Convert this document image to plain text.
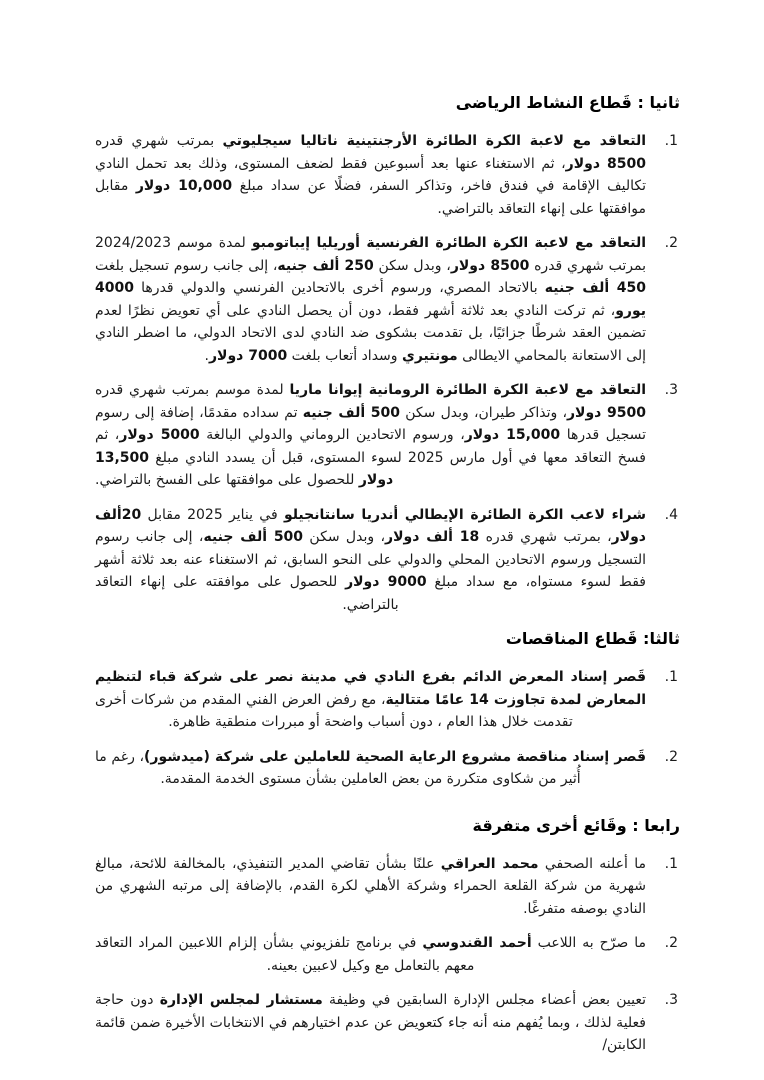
ثانيا : قَطاع النشاط الرياضى

1.
التعاقد مع لاعبة الكرة الطائرة الأرجنتينية ناتاليا سيجليوتي بمرتب شهري قدره 8500 دولار، ثم الاستغناء عنها بعد أسبوعين فقط لضعف المستوى، وذلك بعد تحمل النادي تكاليف الإقامة في فندق فاخر، وتذاكر السفر، فضلًا عن سداد مبلغ 10,000 دولار مقابل موافقتها على إنهاء التعاقد بالتراضي.

2.
التعاقد مع لاعبة الكرة الطائرة الفرنسية أوريليا إيباتومبو لمدة موسم 2024/2023 بمرتب شهري قدره 8500 دولار، وبدل سكن 250 ألف جنيه، إلى جانب رسوم تسجيل بلغت 450 ألف جنيه بالاتحاد المصري، ورسوم أخرى بالاتحادين الفرنسي والدولي قدرها 4000 يورو، ثم تركت النادي بعد ثلاثة أشهر فقط، دون أن يحصل النادي على أي تعويض نظرًا لعدم تضمين العقد شرطًا جزائيًا، بل تقدمت بشكوى ضد النادي لدى الاتحاد الدولي، ما اضطر النادي إلى الاستعانة بالمحامي الايطالى مونتيري وسداد أتعاب بلغت 7000 دولار.

3.
التعاقد مع لاعبة الكرة الطائرة الرومانية إيوانا ماريا لمدة موسم بمرتب شهري قدره 9500 دولار، وتذاكر طيران، وبدل سكن 500 ألف جنيه تم سداده مقدمًا، إضافة إلى رسوم تسجيل قدرها 15,000 دولار، ورسوم الاتحادين الروماني والدولي البالغة 5000 دولار، ثم فسخ التعاقد معها في أول مارس 2025 لسوء المستوى، قبل أن يسدد النادي مبلغ 13,500 دولار للحصول على موافقتها على الفسخ بالتراضي.

4.
شراء لاعب الكرة الطائرة الإيطالي أندريا سانتانجيلو في يناير 2025 مقابل 20ألف دولار، بمرتب شهري قدره 18 ألف دولار، وبدل سكن 500 ألف جنيه، إلى جانب رسوم التسجيل ورسوم الاتحادين المحلي والدولي على النحو السابق، ثم الاستغناء عنه بعد ثلاثة أشهر فقط لسوء مستواه، مع سداد مبلغ 9000 دولار للحصول على موافقته على إنهاء التعاقد بالتراضي.

ثالثا: قَطاع المناقصات

1.
قَصر إسناد المعرض الدائم بفرع النادي في مدينة نصر على شركة قباء لتنظيم المعارض لمدة تجاوزت 14 عامًا متتالية، مع رفض العرض الفني المقدم من شركات أخرى تقدمت خلال هذا العام ، دون أسباب واضحة أو مبررات منطقية ظاهرة.

2.
قَصر إسناد مناقصة مشروع الرعاية الصحية للعاملين على شركة (ميدشور)، رغم ما أُثير من شكاوى متكررة من بعض العاملين بشأن مستوى الخدمة المقدمة.

رابعا : وقَائع أخرى متفرقة

1.
ما أعلنه الصحفي محمد العراقي علنًا بشأن تقاضي المدير التنفيذي، بالمخالفة للائحة، مبالغ شهرية من شركة القلعة الحمراء وشركة الأهلي لكرة القدم، بالإضافة إلى مرتبه الشهري من النادي بوصفه متفرغًا.

2.
ما صرّح به اللاعب أحمد القندوسي في برنامج تلفزيوني بشأن إلزام اللاعبين المراد التعاقد معهم بالتعامل مع وكيل لاعبين بعينه.

3.
تعيين بعض أعضاء مجلس الإدارة السابقين في وظيفة مستشار لمجلس الإدارة دون حاجة فعلية لذلك ، وبما يُفهم منه أنه جاء كتعويض عن عدم اختيارهم في الانتخابات الأخيرة ضمن قائمة الكابتن/
